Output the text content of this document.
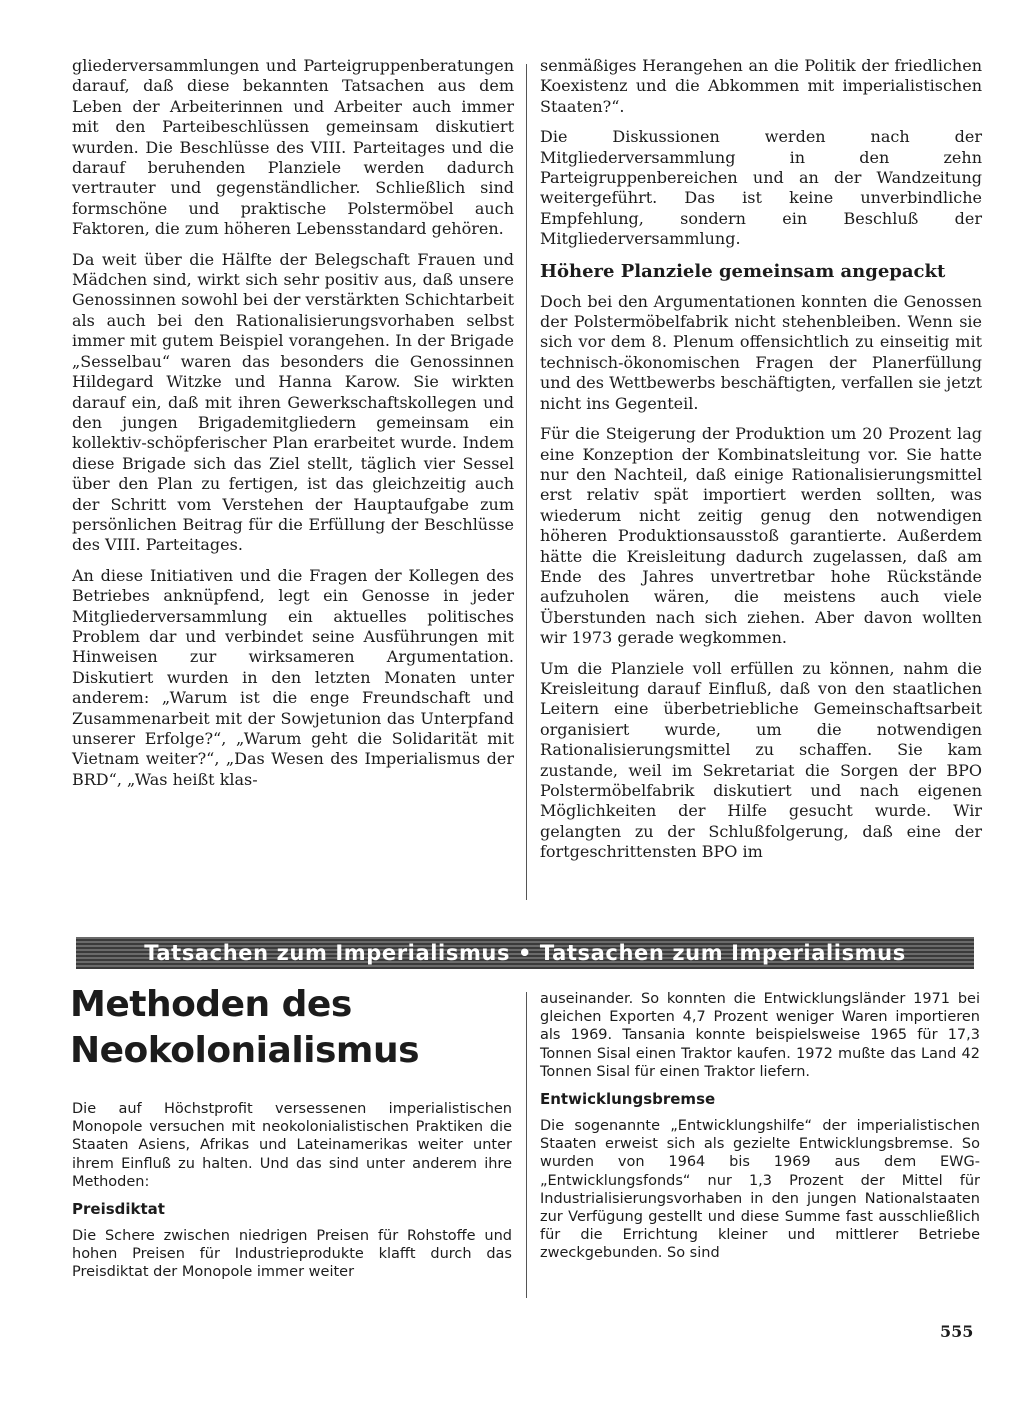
gliederversammlungen und Parteigruppenberatungen darauf, daß diese bekannten Tatsachen aus dem Leben der Arbeiterinnen und Arbeiter auch immer mit den Parteibeschlüssen gemeinsam diskutiert wurden. Die Beschlüsse des VIII. Parteitages und die darauf beruhenden Planziele werden dadurch vertrauter und gegenständlicher. Schließlich sind formschöne und praktische Polstermöbel auch Faktoren, die zum höheren Lebensstandard gehören.

Da weit über die Hälfte der Belegschaft Frauen und Mädchen sind, wirkt sich sehr positiv aus, daß unsere Genossinnen sowohl bei der verstärkten Schichtarbeit als auch bei den Rationalisierungsvorhaben selbst immer mit gutem Beispiel vorangehen. In der Brigade „Sesselbau“ waren das besonders die Genossinnen Hildegard Witzke und Hanna Karow. Sie wirkten darauf ein, daß mit ihren Gewerkschaftskollegen und den jungen Brigademitgliedern gemeinsam ein kollektiv-schöpferischer Plan erarbeitet wurde. Indem diese Brigade sich das Ziel stellt, täglich vier Sessel über den Plan zu fertigen, ist das gleichzeitig auch der Schritt vom Verstehen der Hauptaufgabe zum persönlichen Beitrag für die Erfüllung der Beschlüsse des VIII. Parteitages.

An diese Initiativen und die Fragen der Kollegen des Betriebes anknüpfend, legt ein Genosse in jeder Mitgliederversammlung ein aktuelles politisches Problem dar und verbindet seine Ausführungen mit Hinweisen zur wirksameren Argumentation. Diskutiert wurden in den letzten Monaten unter anderem: „Warum ist die enge Freundschaft und Zusammenarbeit mit der Sowjetunion das Unterpfand unserer Erfolge?“, „Warum geht die Solidarität mit Vietnam weiter?“, „Das Wesen des Imperialismus der BRD“, „Was heißt klas-

senmäßiges Herangehen an die Politik der friedlichen Koexistenz und die Abkommen mit imperialistischen Staaten?“.

Die Diskussionen werden nach der Mitgliederversammlung in den zehn Parteigruppenbereichen und an der Wandzeitung weitergeführt. Das ist keine unverbindliche Empfehlung, sondern ein Beschluß der Mitgliederversammlung.

Höhere Planziele gemeinsam angepackt

Doch bei den Argumentationen konnten die Genossen der Polstermöbelfabrik nicht stehenbleiben. Wenn sie sich vor dem 8. Plenum offensichtlich zu einseitig mit technisch-ökonomischen Fragen der Planerfüllung und des Wettbewerbs beschäftigten, verfallen sie jetzt nicht ins Gegenteil.

Für die Steigerung der Produktion um 20 Prozent lag eine Konzeption der Kombinatsleitung vor. Sie hatte nur den Nachteil, daß einige Rationalisierungsmittel erst relativ spät importiert werden sollten, was wiederum nicht zeitig genug den notwendigen höheren Produktionsausstoß garantierte. Außerdem hätte die Kreisleitung dadurch zugelassen, daß am Ende des Jahres unvertretbar hohe Rückstände aufzuholen wären, die meistens auch viele Überstunden nach sich ziehen. Aber davon wollten wir 1973 gerade wegkommen.

Um die Planziele voll erfüllen zu können, nahm die Kreisleitung darauf Einfluß, daß von den staatlichen Leitern eine überbetriebliche Gemeinschaftsarbeit organisiert wurde, um die notwendigen Rationalisierungsmittel zu schaffen. Sie kam zustande, weil im Sekretariat die Sorgen der BPO Polstermöbelfabrik diskutiert und nach eigenen Möglichkeiten der Hilfe gesucht wurde. Wir gelangten zu der Schlußfolgerung, daß eine der fortgeschrittensten BPO im

Tatsachen zum Imperialismus • Tatsachen zum Imperialismus
Methoden des Neokolonialismus

Die auf Höchstprofit versessenen imperialistischen Monopole versuchen mit neokolonialistischen Praktiken die Staaten Asiens, Afrikas und Lateinamerikas weiter unter ihrem Einfluß zu halten. Und das sind unter anderem ihre Methoden:

Preisdiktat

Die Schere zwischen niedrigen Preisen für Rohstoffe und hohen Preisen für Industrieprodukte klafft durch das Preisdiktat der Monopole immer weiter

auseinander. So konnten die Entwicklungsländer 1971 bei gleichen Exporten 4,7 Prozent weniger Waren importieren als 1969. Tansania konnte beispielsweise 1965 für 17,3 Tonnen Sisal einen Traktor kaufen. 1972 mußte das Land 42 Tonnen Sisal für einen Traktor liefern.

Entwicklungsbremse

Die sogenannte „Entwicklungshilfe“ der imperialistischen Staaten erweist sich als gezielte Entwicklungsbremse. So wurden von 1964 bis 1969 aus dem EWG-„Entwicklungsfonds“ nur 1,3 Prozent der Mittel für Industrialisierungsvorhaben in den jungen Nationalstaaten zur Verfügung gestellt und diese Summe fast ausschließlich für die Errichtung kleiner und mittlerer Betriebe zweckgebunden. So sind

555
